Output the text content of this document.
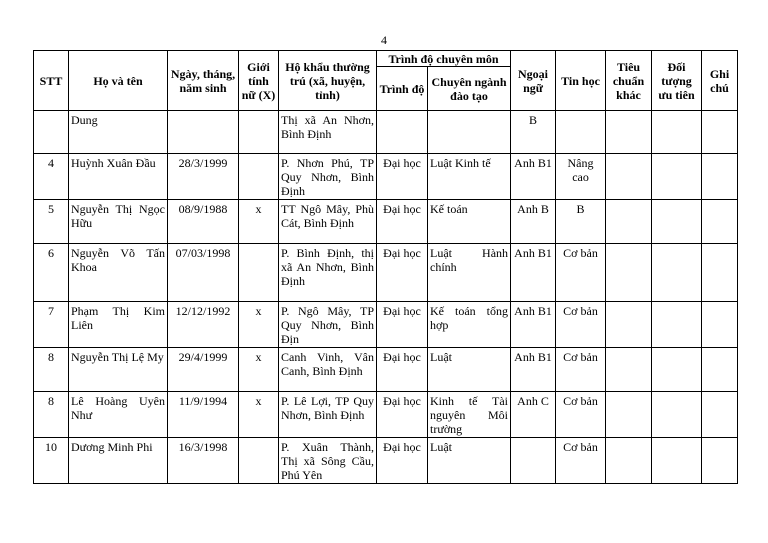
4
STT	Họ và tên	Ngày, tháng, năm sinh	Giới tính nữ (X)	Hộ khẩu thường trú (xã, huyện, tỉnh)	Trình độ chuyên môn		Ngoại ngữ	Tin học	Tiêu chuẩn khác	Đối tượng ưu tiên	Ghi chú
					Trình độ	Chuyên ngành đào tạo					
	Dung			Thị xã An Nhơn, Bình Định			B				
4	Huỳnh Xuân Đầu	28/3/1999		P. Nhơn Phú, TP Quy Nhơn, Bình Định	Đại học	Luật Kinh tế	Anh B1	Nâng cao			
5	Nguyễn Thị Ngọc Hữu	08/9/1988	x	TT Ngô Mây, Phù Cát, Bình Định	Đại học	Kế toán	Anh B	B			
6	Nguyễn Võ Tấn Khoa	07/03/1998		P. Bình Định, thị xã An Nhơn, Bình Định	Đại học	Luật Hành chính	Anh B1	Cơ bản			
7	Phạm Thị Kim Liên	12/12/1992	x	P. Ngô Mây, TP Quy Nhơn, Bình Địn	Đại học	Kế toán tổng hợp	Anh B1	Cơ bản			
8	Nguyễn Thị Lệ My	29/4/1999	x	Canh Vinh, Vân Canh, Bình Định	Đại học	Luật	Anh B1	Cơ bản			
8	Lê Hoàng Uyên Như	11/9/1994	x	P. Lê Lợi, TP Quy Nhơn, Bình Định	Đại học	Kinh tế Tài nguyên Môi trường	Anh C	Cơ bản			
10	Dương Minh Phi	16/3/1998		P. Xuân Thành, Thị xã Sông Cầu, Phú Yên	Đại học	Luật		Cơ bản			
